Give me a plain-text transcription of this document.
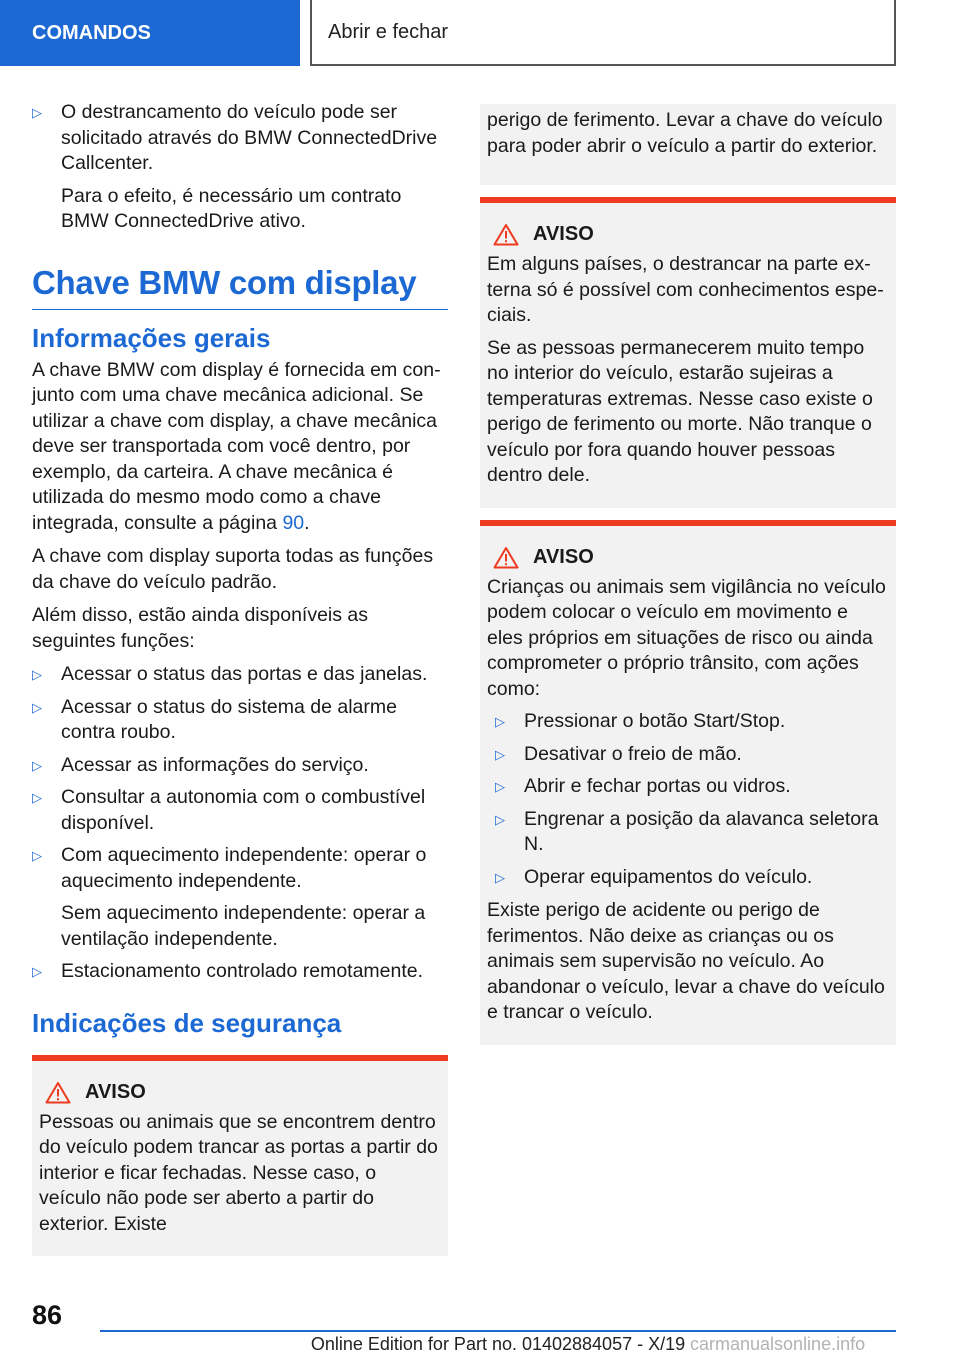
COMANDOS	Abrir e fechar
▷ O destrancamento do veículo pode ser solicitado através do BMW ConnectedDrive Callcenter.

Para o efeito, é necessário um contrato BMW ConnectedDrive ativo.

Chave BMW com display
Informações gerais

A chave BMW com display é fornecida em conjunto com uma chave mecânica adicional. Se utilizar a chave com display, a chave mecânica deve ser transportada com você dentro, por exemplo, da carteira. A chave mecânica é utilizada do mesmo modo como a chave integrada, consulte a página 90.

A chave com display suporta todas as funções da chave do veículo padrão.

Além disso, estão ainda disponíveis as seguintes funções:

▷ Acessar o status das portas e das janelas.
▷ Acessar o status do sistema de alarme contra roubo.
▷ Acessar as informações do serviço.
▷ Consultar a autonomia com o combustível disponível.
▷ Com aquecimento independente: operar o aquecimento independente.

Sem aquecimento independente: operar a ventilação independente.

▷ Estacionamento controlado remotamente.
Indicações de segurança
AVISO

Pessoas ou animais que se encontrem dentro do veículo podem trancar as portas a partir do interior e ficar fechadas. Nesse caso, o veículo não pode ser aberto a partir do exterior. Existe

perigo de ferimento. Levar a chave do veículo para poder abrir o veículo a partir do exterior.

AVISO

Em alguns países, o destrancar na parte externa só é possível com conhecimentos especiais.

Se as pessoas permanecerem muito tempo no interior do veículo, estarão sujeiras a temperaturas extremas. Nesse caso existe o perigo de ferimento ou morte. Não tranque o veículo por fora quando houver pessoas dentro dele.

AVISO

Crianças ou animais sem vigilância no veículo podem colocar o veículo em movimento e eles próprios em situações de risco ou ainda comprometer o próprio trânsito, com ações como:

▷ Pressionar o botão Start/Stop.
▷ Desativar o freio de mão.
▷ Abrir e fechar portas ou vidros.
▷ Engrenar a posição da alavanca seletora N.
▷ Operar equipamentos do veículo.

Existe perigo de acidente ou perigo de ferimentos. Não deixe as crianças ou os animais sem supervisão no veículo. Ao abandonar o veículo, levar a chave do veículo e trancar o veículo.

86
Online Edition for Part no. 01402884057 - X/19 carmanualsonline.info
